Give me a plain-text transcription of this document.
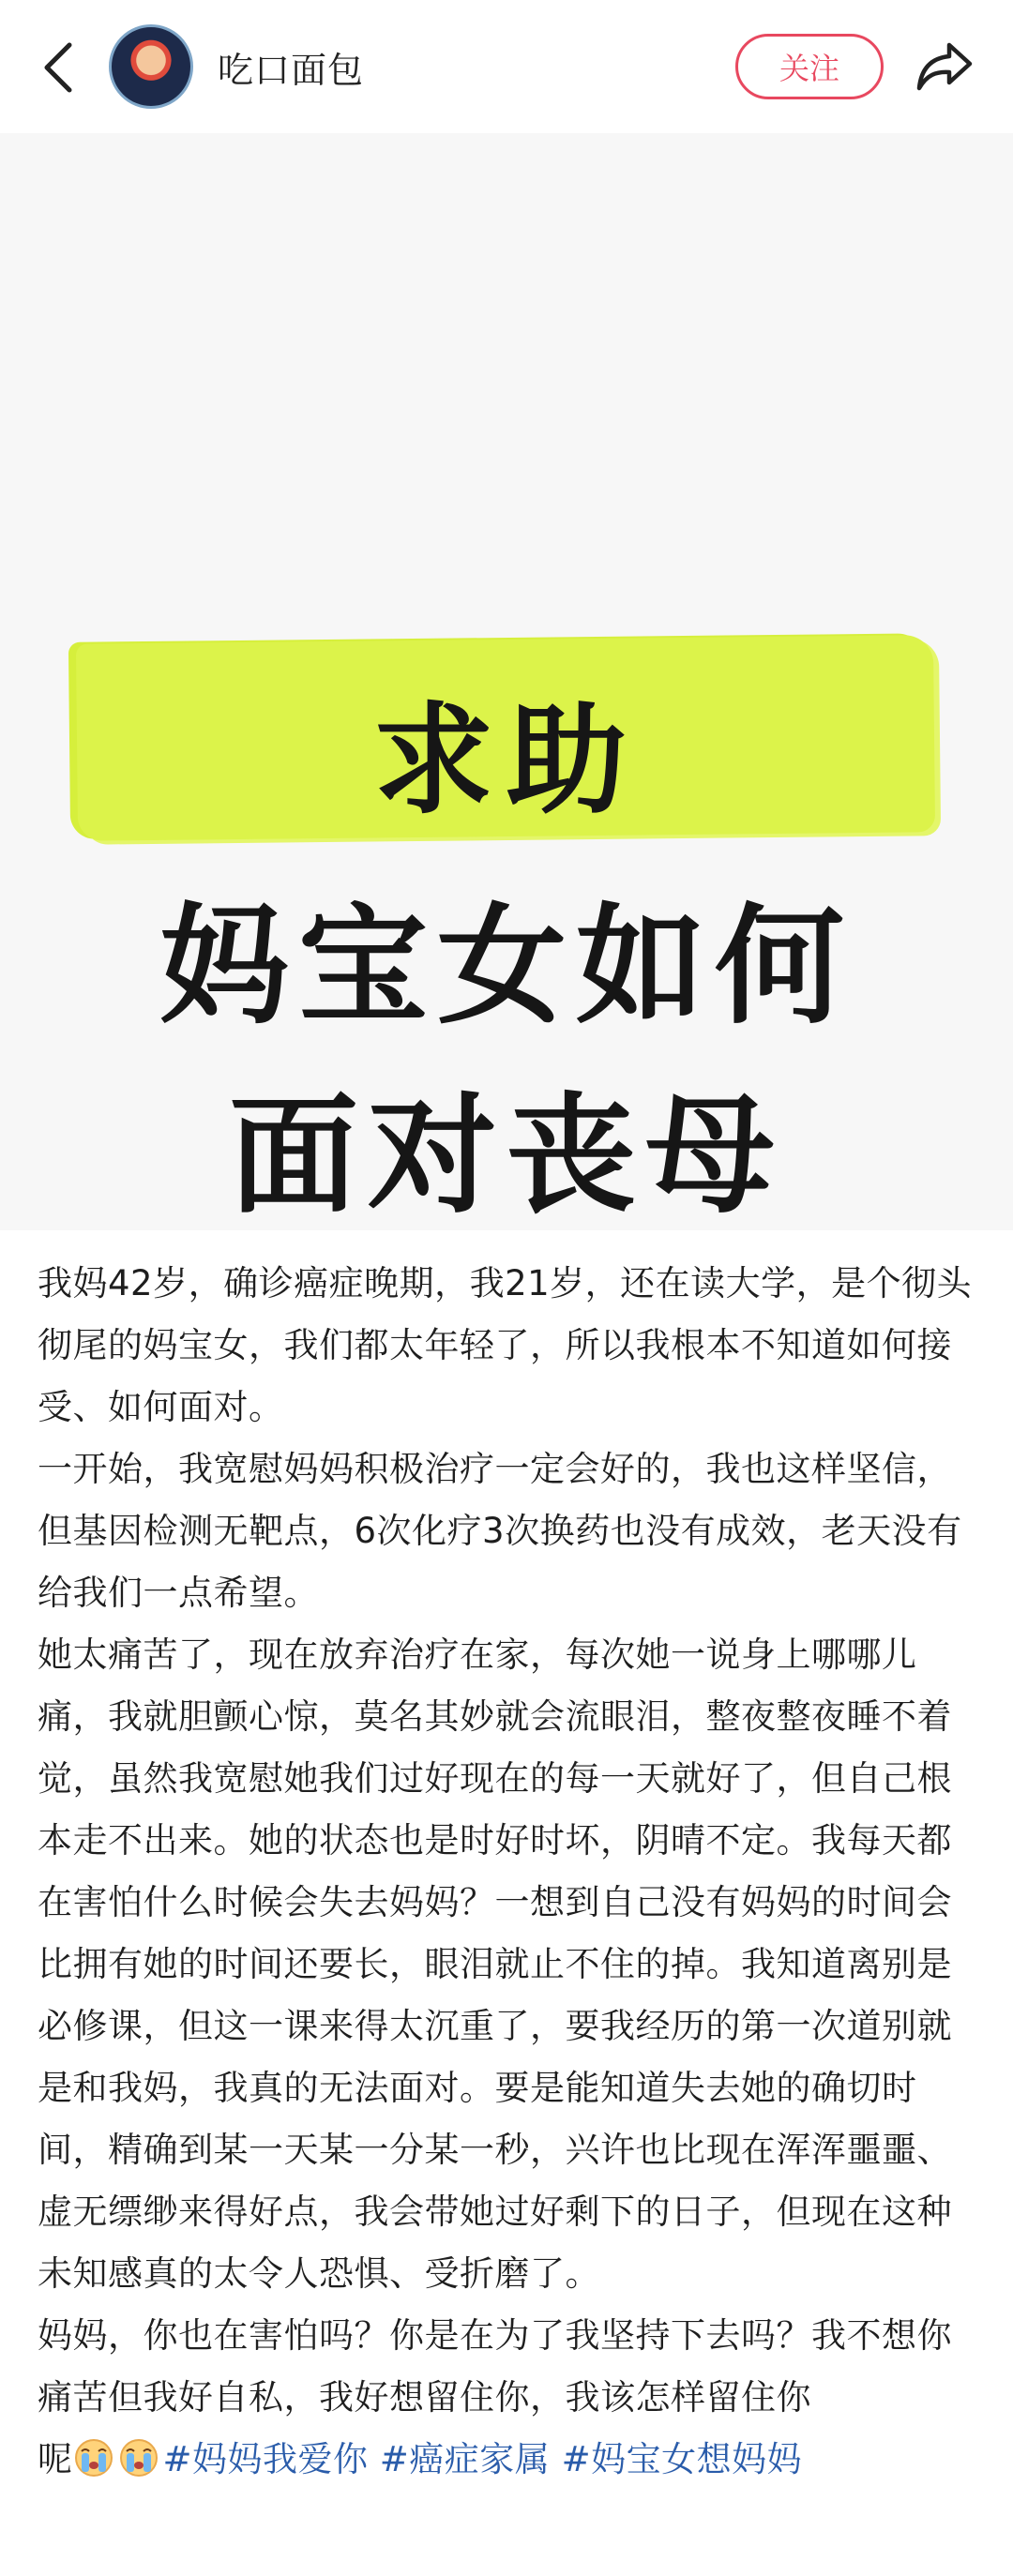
吃口面包	关注
求助
妈宝女如何
面对丧母

我妈42岁，确诊癌症晚期，我21岁，还在读大学，是个彻头彻尾的妈宝女，我们都太年轻了，所以我根本不知道如何接受、如何面对。

一开始，我宽慰妈妈积极治疗一定会好的，我也这样坚信，但基因检测无靶点，6次化疗3次换药也没有成效，老天没有给我们一点希望。

她太痛苦了，现在放弃治疗在家，每次她一说身上哪哪儿痛，我就胆颤心惊，莫名其妙就会流眼泪，整夜整夜睡不着觉，虽然我宽慰她我们过好现在的每一天就好了，但自己根本走不出来。她的状态也是时好时坏，阴晴不定。我每天都在害怕什么时候会失去妈妈？一想到自己没有妈妈的时间会比拥有她的时间还要长，眼泪就止不住的掉。我知道离别是必修课，但这一课来得太沉重了，要我经历的第一次道别就是和我妈，我真的无法面对。要是能知道失去她的确切时间，精确到某一天某一分某一秒，兴许也比现在浑浑噩噩、虚无缥缈来得好点，我会带她过好剩下的日子，但现在这种未知感真的太令人恐惧、受折磨了。

妈妈，你也在害怕吗？你是在为了我坚持下去吗？我不想你痛苦但我好自私，我好想留住你，我该怎样留住你

呢	#妈妈我爱你 #癌症家属 #妈宝女想妈妈
